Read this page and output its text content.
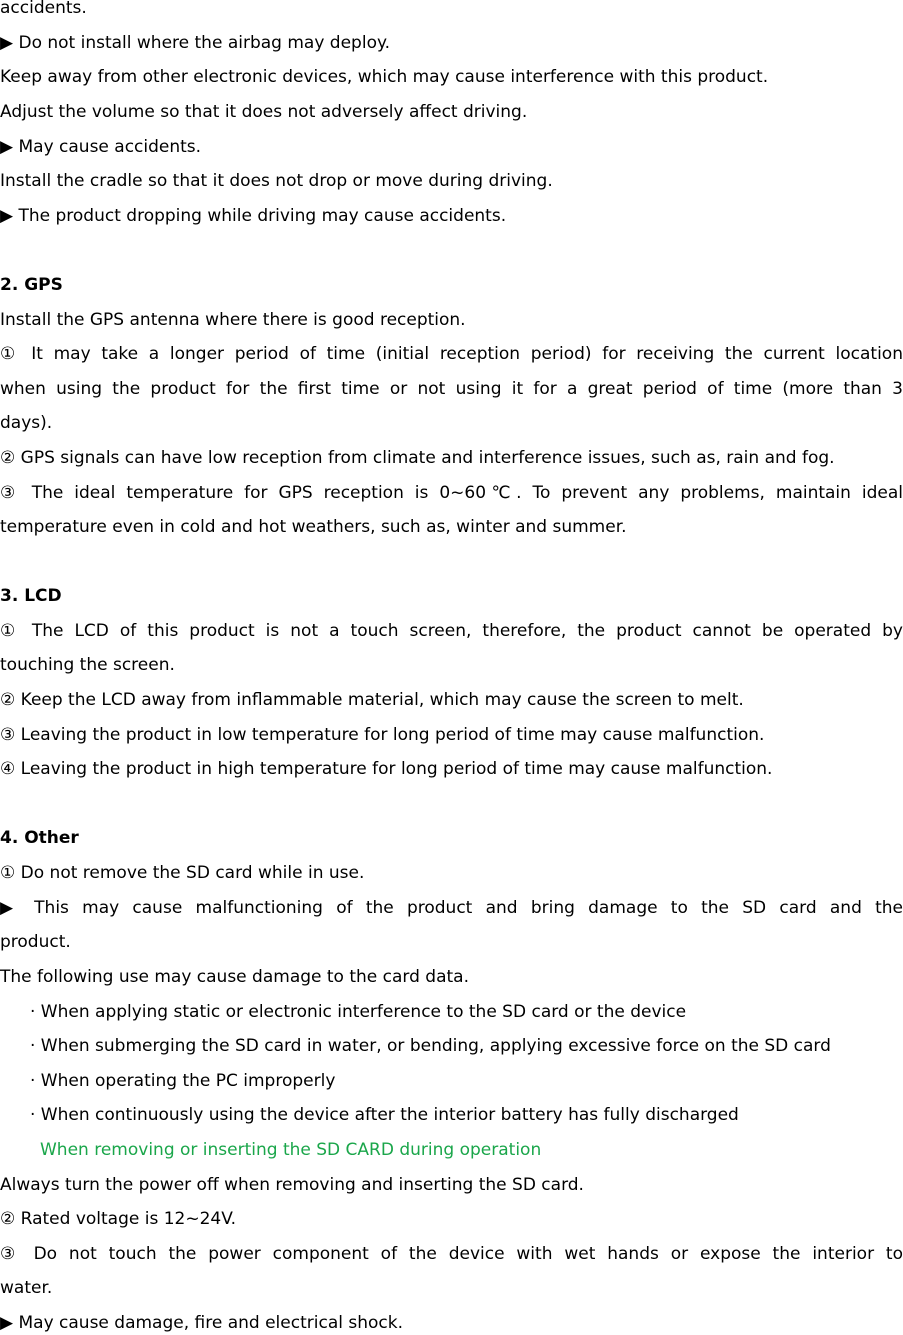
accidents.
▶ Do not install where the airbag may deploy.
Keep away from other electronic devices, which may cause interference with this product.
Adjust the volume so that it does not adversely affect driving.
▶ May cause accidents.
Install the cradle so that it does not drop or move during driving.
▶ The product dropping while driving may cause accidents.
2. GPS
Install the GPS antenna where there is good reception.
① It may take a longer period of time (initial reception period) for receiving the current location
when using the product for the first time or not using it for a great period of time (more than 3
days).
② GPS signals can have low reception from climate and interference issues, such as, rain and fog.
③ The ideal temperature for GPS reception is 0~60℃. To prevent any problems, maintain ideal
temperature even in cold and hot weathers, such as, winter and summer.
3. LCD
① The LCD of this product is not a touch screen, therefore, the product cannot be operated by
touching the screen.
② Keep the LCD away from inflammable material, which may cause the screen to melt.
③ Leaving the product in low temperature for long period of time may cause malfunction.
④ Leaving the product in high temperature for long period of time may cause malfunction.
4. Other
① Do not remove the SD card while in use.
▶ This may cause malfunctioning of the product and bring damage to the SD card and the
product.
The following use may cause damage to the card data.
· When applying static or electronic interference to the SD card or the device
· When submerging the SD card in water, or bending, applying excessive force on the SD card
· When operating the PC improperly
· When continuously using the device after the interior battery has fully discharged
When removing or inserting the SD CARD during operation
Always turn the power off when removing and inserting the SD card.
② Rated voltage is 12~24V.
③ Do not touch the power component of the device with wet hands or expose the interior to
water.
▶ May cause damage, fire and electrical shock.
